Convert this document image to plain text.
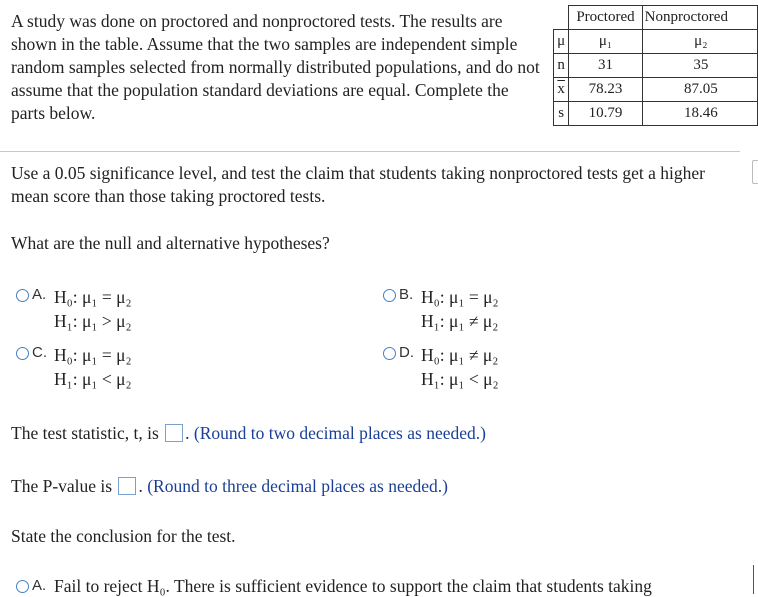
A study was done on proctored and nonproctored tests. The results are shown in the table. Assume that the two samples are independent simple random samples selected from normally distributed populations, and do not assume that the population standard deviations are equal. Complete the parts below.
	Proctored	Nonproctored
μ	μ₁	μ₂
n	31	35
$\overline{x}$	78.23	87.05
s	10.79	18.46
Use a 0.05 significance level, and test the claim that students taking nonproctored tests get a higher mean score than those taking proctored tests.
What are the null and alternative hypotheses?
A. H₀: μ₁ = μ₂
H₁: μ₁ > μ₂
B. H₀: μ₁ = μ₂
H₁: μ₁ ≠ μ₂
C. H₀: μ₁ = μ₂
H₁: μ₁ < μ₂
D. H₀: μ₁ ≠ μ₂
H₁: μ₁ < μ₂
The test statistic, t, is . (Round to two decimal places as needed.)
The P-value is . (Round to three decimal places as needed.)
State the conclusion for the test.
A. Fail to reject H₀. There is sufficient evidence to support the claim that students taking
